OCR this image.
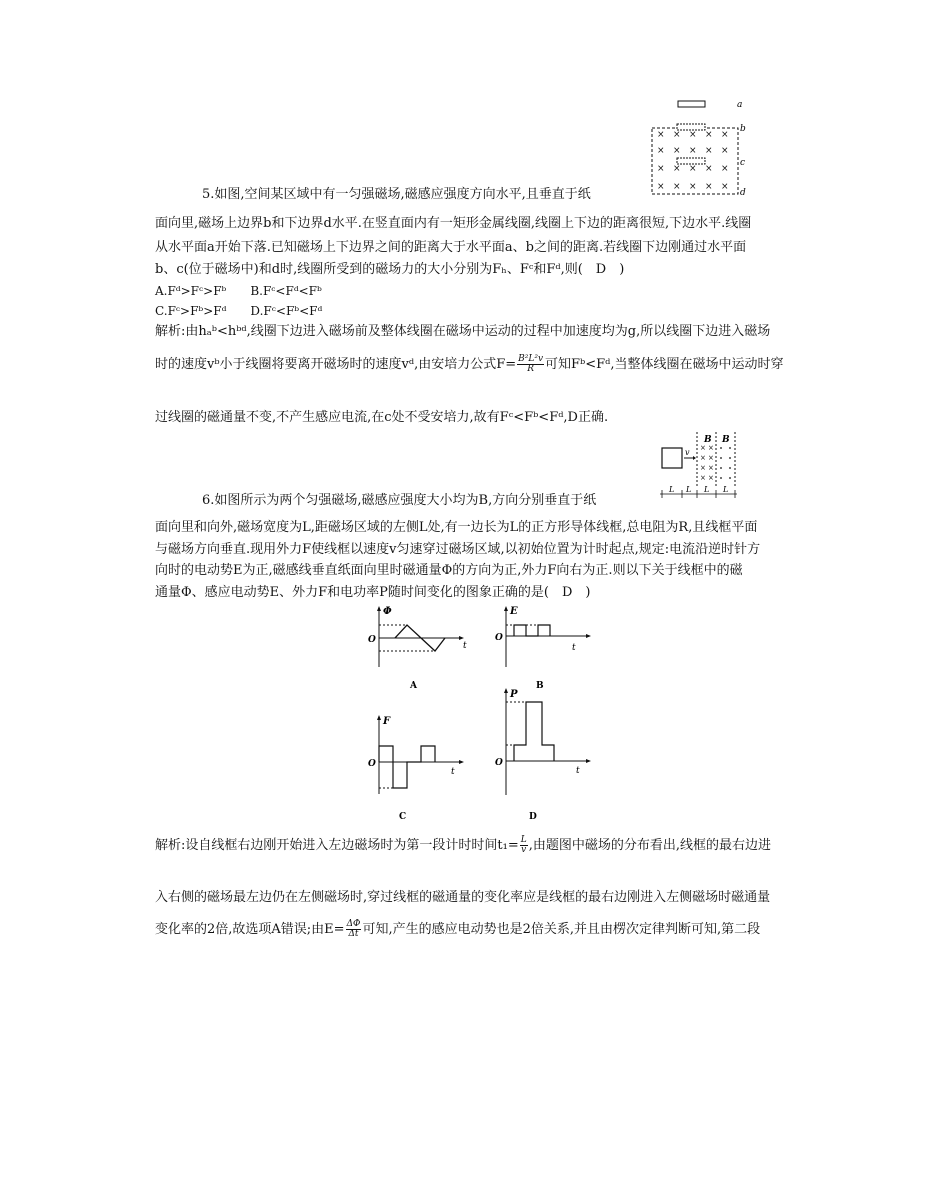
a
× × × × ×
× × × × ×
× × × × ×
× × × × ×
b
c
d
5.如图,空间某区域中有一匀强磁场,磁感应强度方向水平,且垂直于纸
面向里,磁场上边界b和下边界d水平.在竖直面内有一矩形金属线圈,线圈上下边的距离很短,下边水平.线圈
从水平面a开始下落.已知磁场上下边界之间的距离大于水平面a、b之间的距离.若线圈下边刚通过水平面
b、c(位于磁场中)和d时,线圈所受到的磁场力的大小分别为Fₕ、Fᶜ和Fᵈ,则(　D　)
A.Fᵈ>Fᶜ>Fᵇ　　B.Fᶜ<Fᵈ<Fᵇ
C.Fᶜ>Fᵇ>Fᵈ　　D.Fᶜ<Fᵇ<Fᵈ
解析:由hₐᵇ<hᵇᵈ,线圈下边进入磁场前及整体线圈在磁场中运动的过程中加速度均为g,所以线圈下边进入磁场
时的速度vᵇ小于线圈将要离开磁场时的速度vᵈ,由安培力公式$F= \frac{\text{B²L²v}}{R}$ 可知Fᵇ<Fᵈ,当整体线圈在磁场中运动时穿
过线圈的磁通量不变,不产生感应电流,在c处不受安培力,故有Fᶜ<Fᵇ<Fᵈ,D正确.
v
B B
× ×
× ×
× ×
× ×
L L L L
6.如图所示为两个匀强磁场,磁感应强度大小均为B,方向分别垂直于纸
面向里和向外,磁场宽度为L,距磁场区域的左侧L处,有一边长为L的正方形导体线框,总电阻为R,且线框平面
与磁场方向垂直.现用外力F使线框以速度v匀速穿过磁场区域,以初始位置为计时起点,规定:电流沿逆时针方
向时的电动势E为正,磁感线垂直纸面向里时磁通量Φ的方向为正,外力F向右为正.则以下关于线框中的磁
通量Φ、感应电动势E、外力F和电功率P随时间变化的图象正确的是(　D　)
Φ
O
t
A
E
O
t
B
F
O
t
C
P
O
t
D
解析:设自线框右边刚开始进入左边磁场时为第一段计时时间$t_1= \frac{L}{v}$ ,由题图中磁场的分布看出,线框的最右边进
入右侧的磁场最左边仍在左侧磁场时,穿过线框的磁通量的变化率应是线框的最右边刚进入左侧磁场时磁通量
变化率的2倍,故选项A错误;由$E= \frac{\Delta\Phi}{\Delta t}$ 可知,产生的感应电动势也是2倍关系,并且由楞次定律判断可知,第二段
